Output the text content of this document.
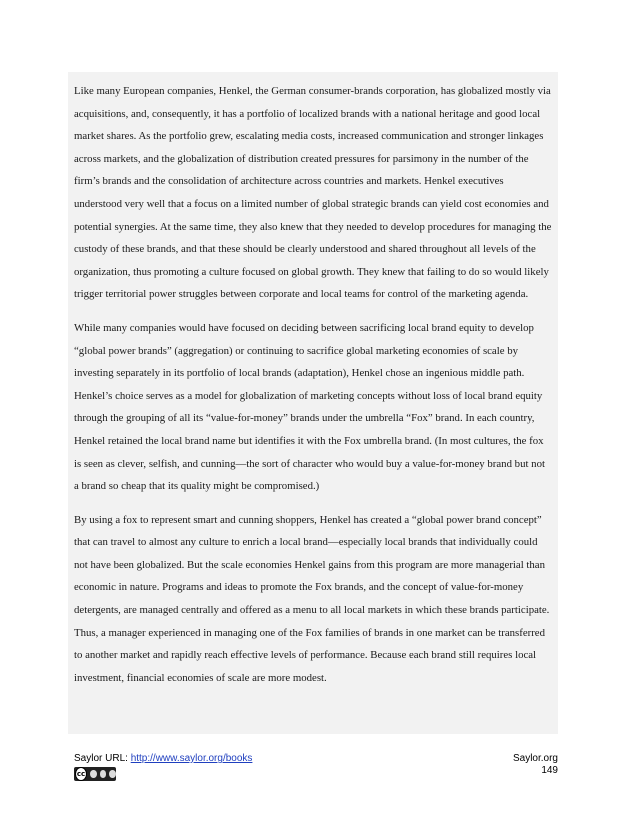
Like many European companies, Henkel, the German consumer-brands corporation, has globalized mostly via acquisitions, and, consequently, it has a portfolio of localized brands with a national heritage and good local market shares. As the portfolio grew, escalating media costs, increased communication and stronger linkages across markets, and the globalization of distribution created pressures for parsimony in the number of the firm’s brands and the consolidation of architecture across countries and markets. Henkel executives understood very well that a focus on a limited number of global strategic brands can yield cost economies and potential synergies. At the same time, they also knew that they needed to develop procedures for managing the custody of these brands, and that these should be clearly understood and shared throughout all levels of the organization, thus promoting a culture focused on global growth. They knew that failing to do so would likely trigger territorial power struggles between corporate and local teams for control of the marketing agenda.

While many companies would have focused on deciding between sacrificing local brand equity to develop “global power brands” (aggregation) or continuing to sacrifice global marketing economies of scale by investing separately in its portfolio of local brands (adaptation), Henkel chose an ingenious middle path. Henkel’s choice serves as a model for globalization of marketing concepts without loss of local brand equity through the grouping of all its “value-for-money” brands under the umbrella “Fox” brand. In each country, Henkel retained the local brand name but identifies it with the Fox umbrella brand. (In most cultures, the fox is seen as clever, selfish, and cunning—the sort of character who would buy a value-for-money brand but not a brand so cheap that its quality might be compromised.)

By using a fox to represent smart and cunning shoppers, Henkel has created a “global power brand concept” that can travel to almost any culture to enrich a local brand—especially local brands that individually could not have been globalized. But the scale economies Henkel gains from this program are more managerial than economic in nature. Programs and ideas to promote the Fox brands, and the concept of value-for-money detergents, are managed centrally and offered as a menu to all local markets in which these brands participate. Thus, a manager experienced in managing one of the Fox families of brands in one market can be transferred to another market and rapidly reach effective levels of performance. Because each brand still requires local investment, financial economies of scale are more modest.

Saylor URL: http://www.saylor.org/books
cc
Saylor.org
149
